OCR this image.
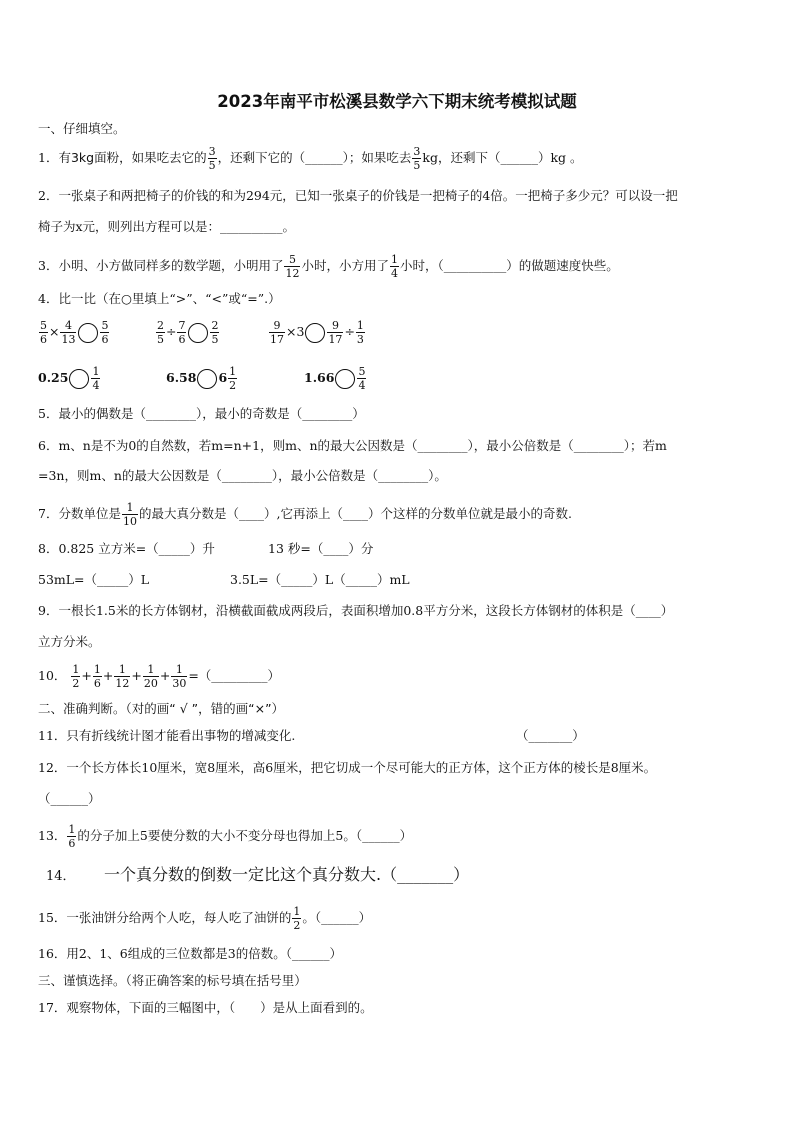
2023年南平市松溪县数学六下期末统考模拟试题
一、仔细填空。
1．有3kg面粉，如果吃去它的 $\frac{3}{5}$ ，还剩下它的（______）；如果吃去 $\frac{3}{5}$ kg，还剩下（______）kg 。
2．一张桌子和两把椅子的价钱的和为294元，已知一张桌子的价钱是一把椅子的4倍。一把椅子多少元？可以设一把
椅子为x元，则列出方程可以是：__________。
3．小明、小方做同样多的数学题，小明用了 $\frac{5}{12}$ 小时，小方用了 $\frac{1}{4}$ 小时，（__________）的做题速度快些。
4．比一比（在○里填上“>”、“<”或“=”.）
$\frac{5}{6} \times \frac{4}{13} \frac{5}{6}$	$\frac{2}{5} \div \frac{7}{6} \frac{2}{5}$	$\frac{9}{17} \times 3 \frac{9}{17} \div \frac{1}{3}$
$0.25 \frac{1}{4}$	6.58 $6 \frac{1}{2}$	$1.66 \frac{5}{4}$
5．最小的偶数是（________），最小的奇数是（________）
6．m、n是不为0的自然数，若m=n+1，则m、n的最大公因数是（________），最小公倍数是（________）；若m
=3n，则m、n的最大公因数是（________），最小公倍数是（________）。
7．分数单位是 $\frac{1}{10}$ 的最大真分数是（____）,它再添上（____）个这样的分数单位就是最小的奇数.
8．0.825 立方米=（_____）升	13 秒=（____）分
53mL=（_____）L	3.5L=（_____）L（_____）mL
9．一根长1.5米的长方体钢材，沿横截面截成两段后，表面积增加0.8平方分米，这段长方体钢材的体积是（____）
立方分米。
10． $\frac{1}{2} + \frac{1}{6} + \frac{1}{12} + \frac{1}{20} + \frac{1}{30}$ =（_________）
二、准确判断。（对的画“ √ ”，错的画“×”）
11．只有折线统计图才能看出事物的增减变化.	（_______）
12．一个长方体长10厘米，宽8厘米，高6厘米，把它切成一个尽可能大的正方体，这个正方体的棱长是8厘米。
（______）
13． $\frac{1}{6}$ 的分子加上5要使分数的大小不变分母也得加上5。（______）
14． 一个真分数的倒数一定比这个真分数大.（_______）
15．一张油饼分给两个人吃，每人吃了油饼的 $\frac{1}{2}$ 。（______）
16．用2、1、6组成的三位数都是3的倍数。（______）
三、谨慎选择。（将正确答案的标号填在括号里）
17．观察物体，下面的三幅图中，（　　）是从上面看到的。
